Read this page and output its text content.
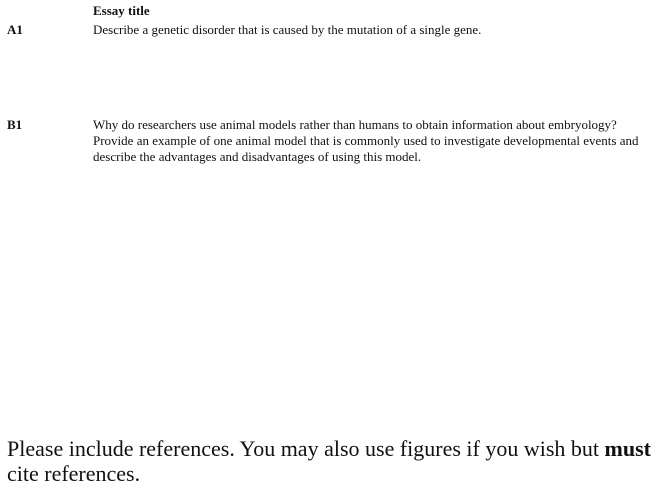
Essay title
A1	Describe a genetic disorder that is caused by the mutation of a single gene.
B1	Why do researchers use animal models rather than humans to obtain information about embryology? Provide an example of one animal model that is commonly used to investigate developmental events and describe the advantages and disadvantages of using this model.
Please include references. You may also use figures if you wish but must cite references.
